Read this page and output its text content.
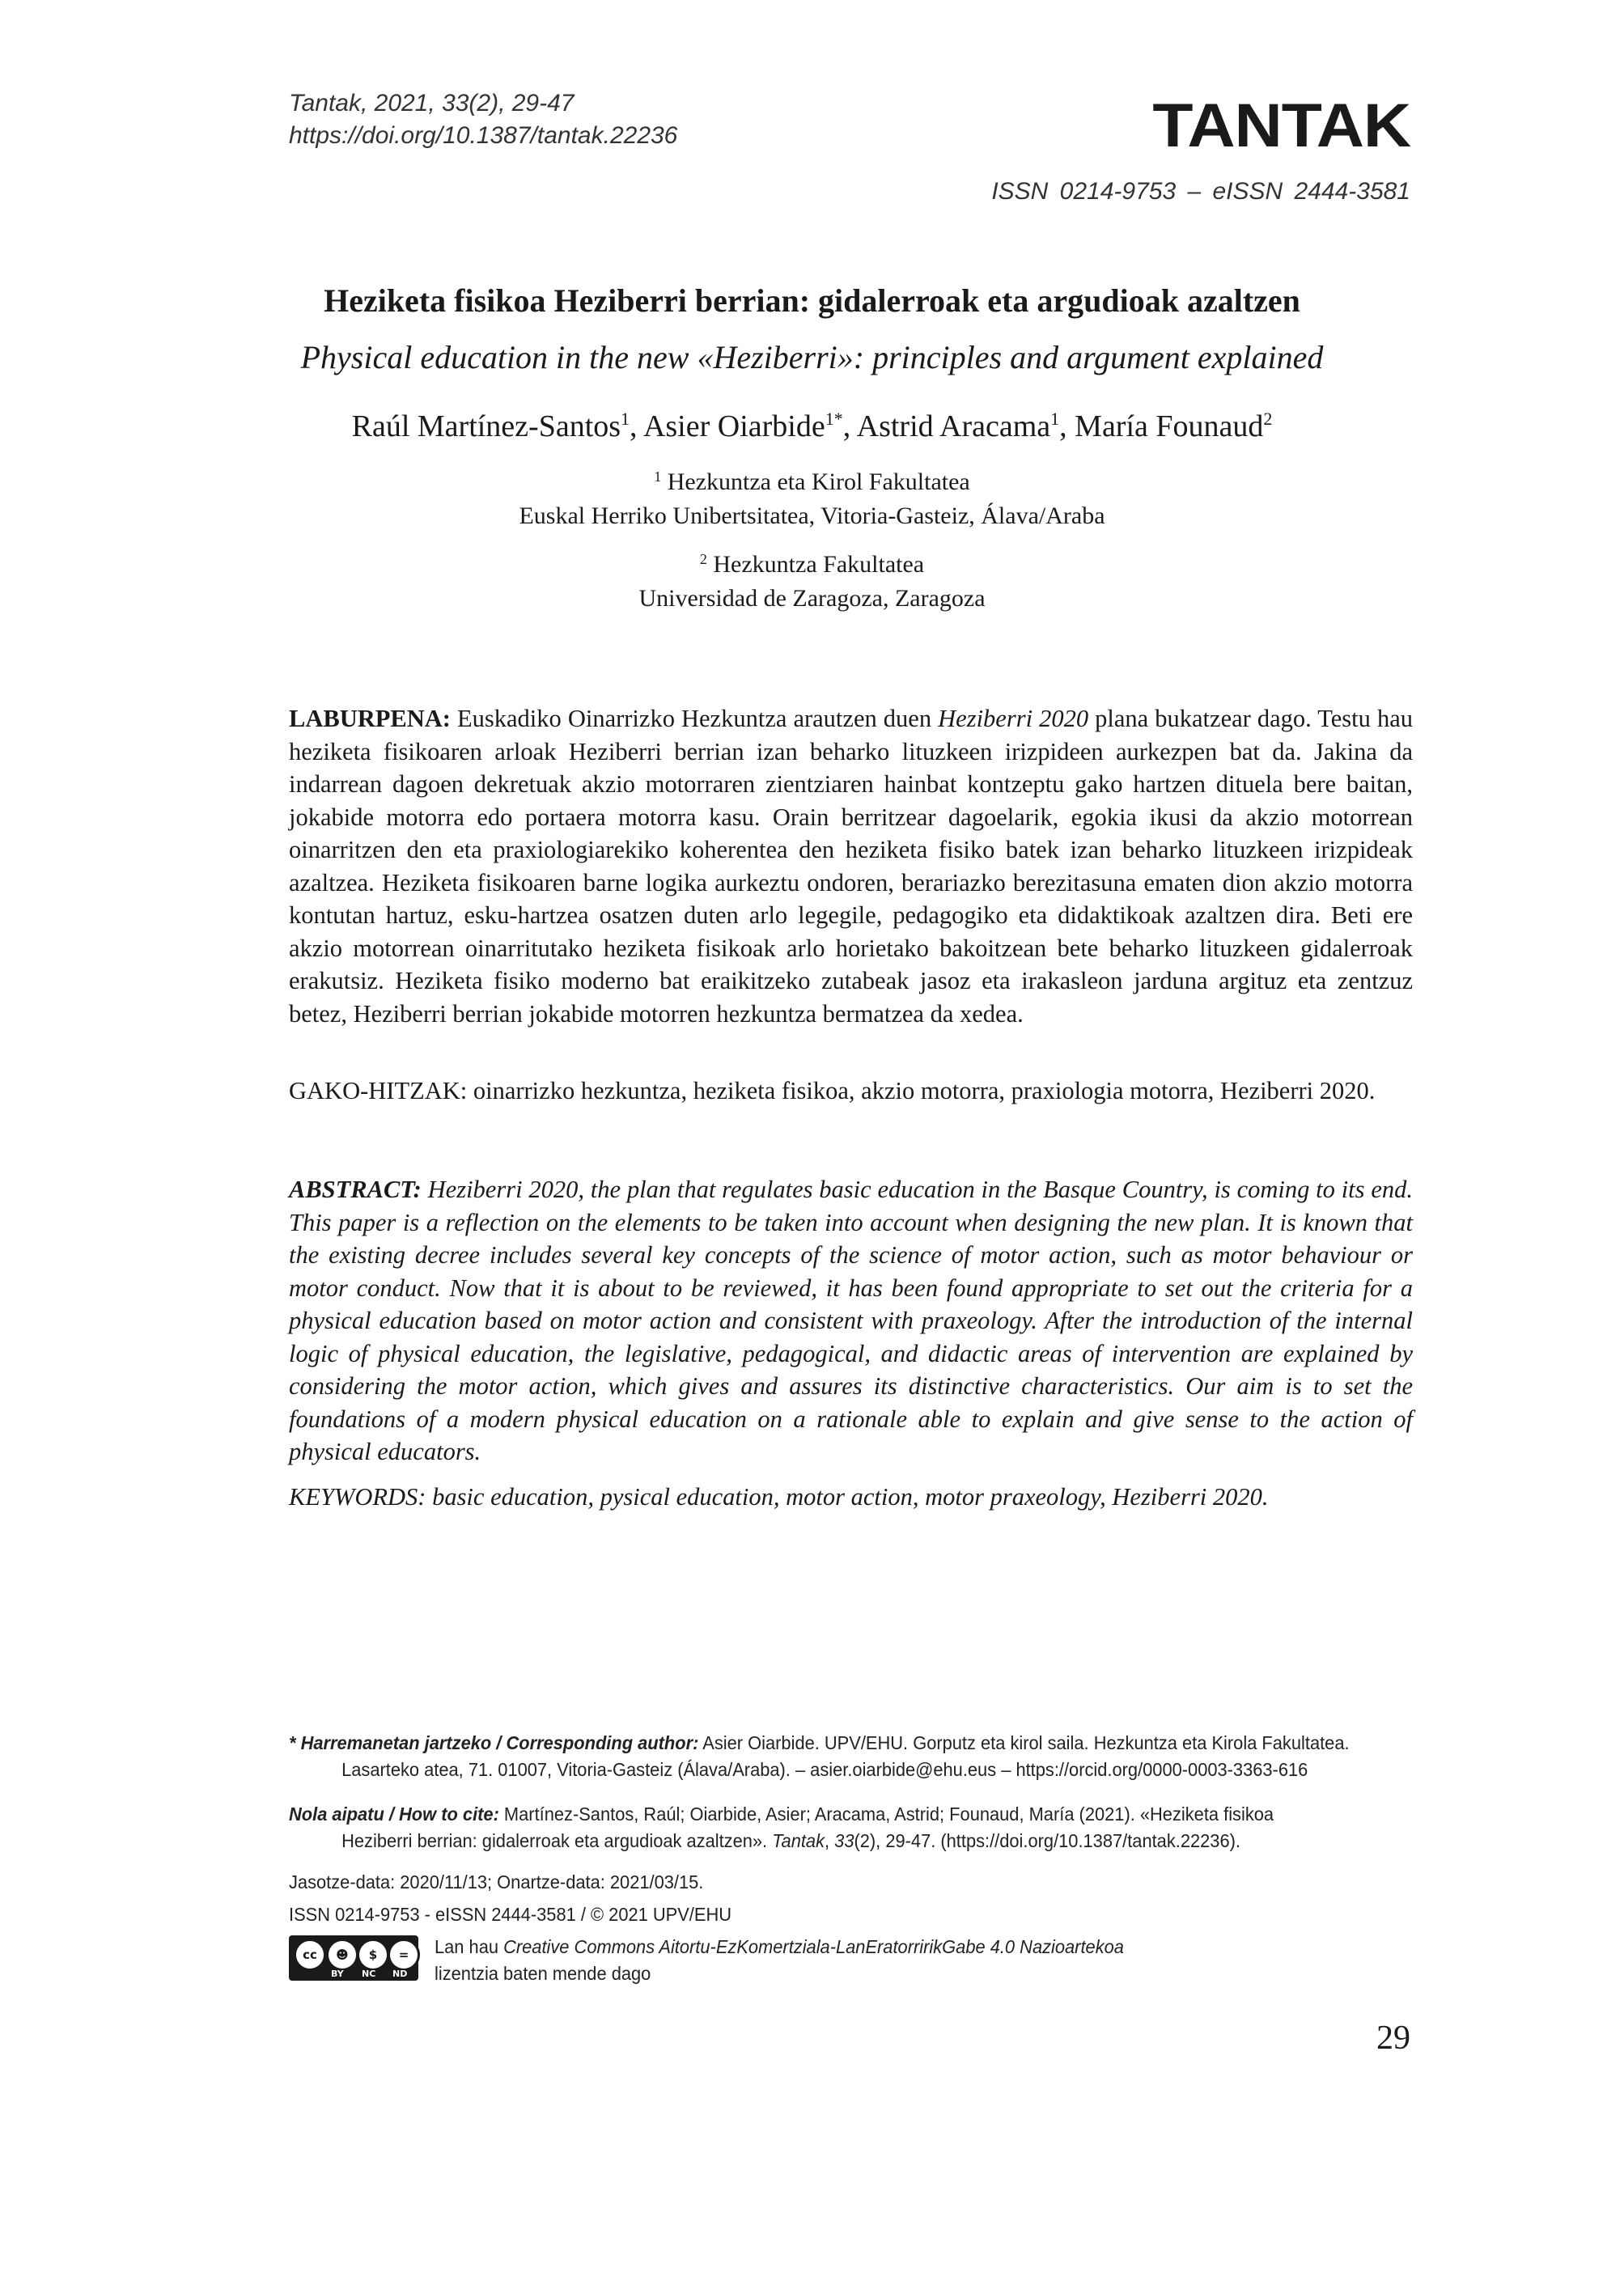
Tantak, 2021, 33(2), 29-47
https://doi.org/10.1387/tantak.22236	TANTAK
ISSN 0214-9753 – eISSN 2444-3581
Heziketa fisikoa Heziberri berrian: gidalerroak eta argudioak azaltzen
Physical education in the new «Heziberri»: principles and argument explained
Raúl Martínez-Santos$^1$, Asier Oiarbide$^{1*}$, Astrid Aracama$^1$, María Founaud$^2$
$^1$ Hezkuntza eta Kirol Fakultatea
Euskal Herriko Unibertsitatea, Vitoria-Gasteiz, Álava/Araba
$^2$ Hezkuntza Fakultatea
Universidad de Zaragoza, Zaragoza
LABURPENA: Euskadiko Oinarrizko Hezkuntza arautzen duen Heziberri 2020 plana bukatzear dago. Testu hau heziketa fisikoaren arloak Heziberri berrian izan beharko lituzkeen irizpideen aurkezpen bat da. Jakina da indarrean dagoen dekretuak akzio motorraren zientziaren hainbat kontzeptu gako hartzen dituela bere baitan, jokabide motorra edo portaera motorra kasu. Orain berritzear dagoelarik, egokia ikusi da akzio motorrean oinarritzen den eta praxiologiarekiko koherentea den heziketa fisiko batek izan beharko lituzkeen irizpideak azaltzea. Heziketa fisikoaren barne logika aurkeztu ondoren, berariazko berezitasuna ematen dion akzio motorra kontutan hartuz, esku-hartzea osatzen duten arlo legegile, pedagogiko eta didaktikoak azaltzen dira. Beti ere akzio motorrean oinarritutako heziketa fisikoak arlo horietako bakoitzean bete beharko lituzkeen gidalerroak erakutsiz. Heziketa fisiko moderno bat eraikitzeko zutabeak jasoz eta irakasleon jarduna argituz eta zentzuz betez, Heziberri berrian jokabide motorren hezkuntza bermatzea da xedea.
GAKO-HITZAK: oinarrizko hezkuntza, heziketa fisikoa, akzio motorra, praxiologia motorra, Heziberri 2020.
ABSTRACT: Heziberri 2020, the plan that regulates basic education in the Basque Country, is coming to its end. This paper is a reflection on the elements to be taken into account when designing the new plan. It is known that the existing decree includes several key concepts of the science of motor action, such as motor behaviour or motor conduct. Now that it is about to be reviewed, it has been found appropriate to set out the criteria for a physical education based on motor action and consistent with praxeology. After the introduction of the internal logic of physical education, the legislative, pedagogical, and didactic areas of intervention are explained by considering the motor action, which gives and assures its distinctive characteristics. Our aim is to set the foundations of a modern physical education on a rationale able to explain and give sense to the action of physical educators.
KEYWORDS: basic education, pysical education, motor action, motor praxeology, Heziberri 2020.
* Harremanetan jartzeko / Corresponding author: Asier Oiarbide. UPV/EHU. Gorputz eta kirol saila. Hezkuntza eta Kirola Fakultatea.
Lasarteko atea, 71. 01007, Vitoria-Gasteiz (Álava/Araba). – asier.oiarbide@ehu.eus – https://orcid.org/0000-0003-3363-616
Nola aipatu / How to cite: Martínez-Santos, Raúl; Oiarbide, Asier; Aracama, Astrid; Founaud, María (2021). «Heziketa fisikoa
Heziberri berrian: gidalerroak eta argudioak azaltzen». Tantak, 33(2), 29-47. (https://doi.org/10.1387/tantak.22236).
Jasotze-data: 2020/11/13; Onartze-data: 2021/03/15.
ISSN 0214-9753 - eISSN 2444-3581 / © 2021 UPV/EHU
cc	☻	$	=
BY NC ND
Lan hau Creative Commons Aitortu-EzKomertziala-LanEratorririkGabe 4.0 Nazioartekoa
lizentzia baten mende dago
29
